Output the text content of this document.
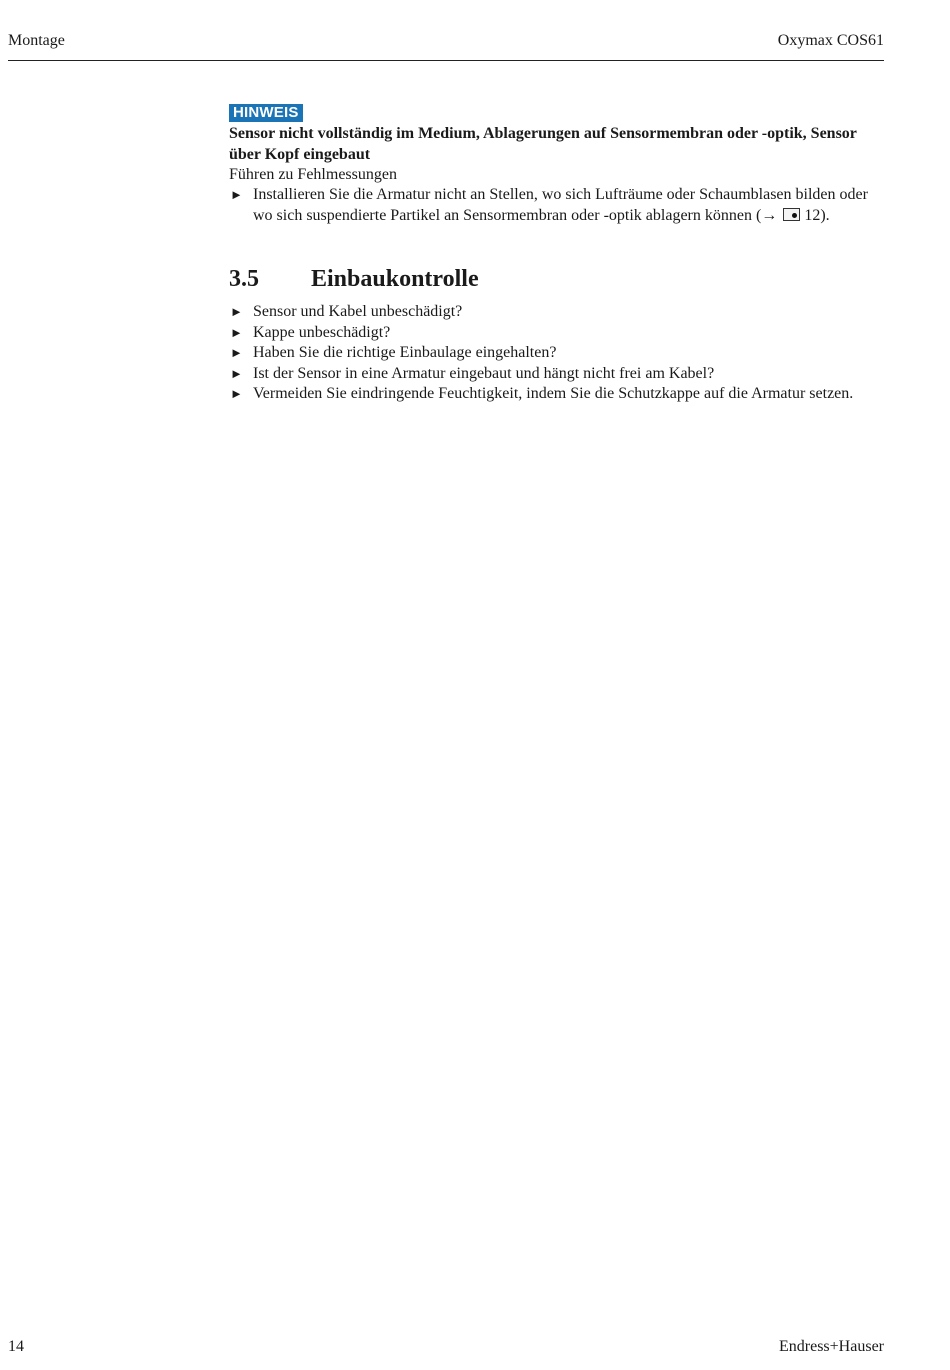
Montage	Oxymax COS61
HINWEIS
Sensor nicht vollständig im Medium, Ablagerungen auf Sensormembran oder -optik, Sensor über Kopf eingebaut
Führen zu Fehlmessungen
► Installieren Sie die Armatur nicht an Stellen, wo sich Lufträume oder Schaumblasen bilden oder wo sich suspendierte Partikel an Sensormembran oder -optik ablagern können (→ 12).
3.5 Einbaukontrolle
► Sensor und Kabel unbeschädigt?
► Kappe unbeschädigt?
► Haben Sie die richtige Einbaulage eingehalten?
► Ist der Sensor in eine Armatur eingebaut und hängt nicht frei am Kabel?
► Vermeiden Sie eindringende Feuchtigkeit, indem Sie die Schutzkappe auf die Armatur setzen.
14	Endress+Hauser
